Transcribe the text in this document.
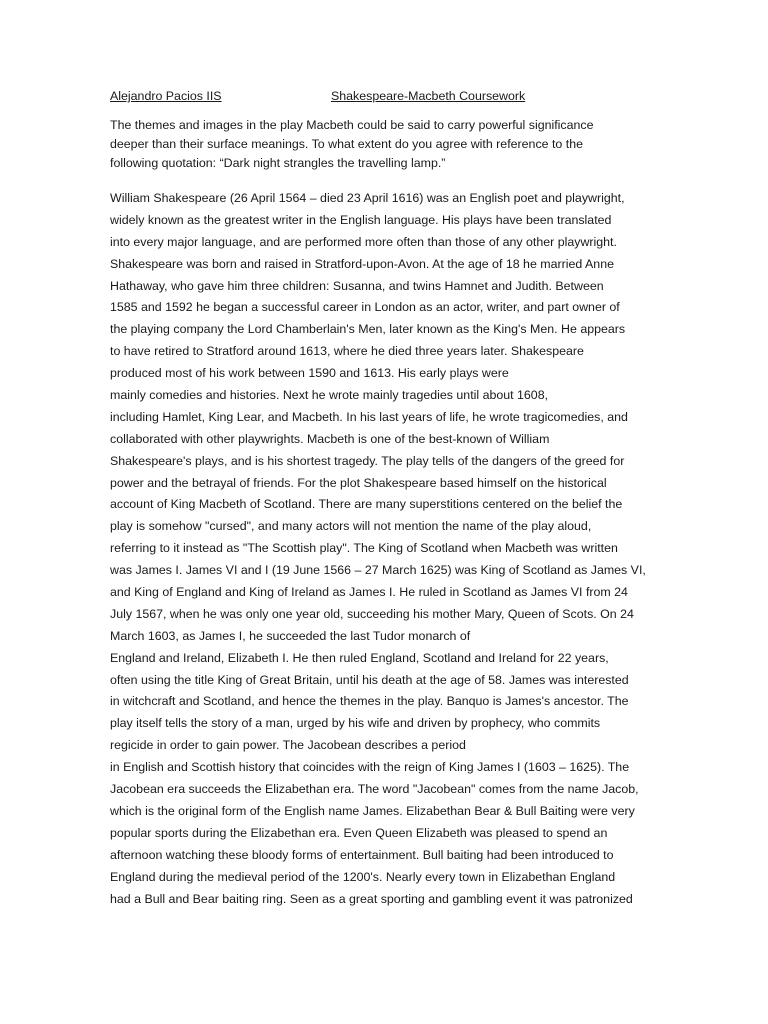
Alejandro Pacios IIS	Shakespeare-Macbeth Coursework
The themes and images in the play Macbeth could be said to carry powerful significance
deeper than their surface meanings. To what extent do you agree with reference to the
following quotation: “Dark night strangles the travelling lamp.”
William Shakespeare (26 April 1564 – died 23 April 1616) was an English poet and playwright,
widely known as the greatest writer in the English language. His plays have been translated
into every major language, and are performed more often than those of any other playwright.
Shakespeare was born and raised in Stratford-upon-Avon. At the age of 18 he married Anne
Hathaway, who gave him three children: Susanna, and twins Hamnet and Judith. Between
1585 and 1592 he began a successful career in London as an actor, writer, and part owner of
the playing company the Lord Chamberlain's Men, later known as the King's Men. He appears
to have retired to Stratford around 1613, where he died three years later. Shakespeare
produced most of his work between 1590 and 1613. His early plays were
mainly comedies and histories. Next he wrote mainly tragedies until about 1608,
including Hamlet, King Lear, and Macbeth. In his last years of life, he wrote tragicomedies, and
collaborated with other playwrights. Macbeth is one of the best-known of William
Shakespeare's plays, and is his shortest tragedy. The play tells of the dangers of the greed for
power and the betrayal of friends. For the plot Shakespeare based himself on the historical
account of King Macbeth of Scotland. There are many superstitions centered on the belief the
play is somehow "cursed", and many actors will not mention the name of the play aloud,
referring to it instead as "The Scottish play". The King of Scotland when Macbeth was written
was James I. James VI and I (19 June 1566 – 27 March 1625) was King of Scotland as James VI,
and King of England and King of Ireland as James I. He ruled in Scotland as James VI from 24
July 1567, when he was only one year old, succeeding his mother Mary, Queen of Scots. On 24
March 1603, as James I, he succeeded the last Tudor monarch of
England and Ireland, Elizabeth I. He then ruled England, Scotland and Ireland for 22 years,
often using the title King of Great Britain, until his death at the age of 58. James was interested
in witchcraft and Scotland, and hence the themes in the play. Banquo is James's ancestor. The
play itself tells the story of a man, urged by his wife and driven by prophecy, who commits
regicide in order to gain power. The Jacobean describes a period
in English and Scottish history that coincides with the reign of King James I (1603 – 1625). The
Jacobean era succeeds the Elizabethan era. The word "Jacobean" comes from the name Jacob,
which is the original form of the English name James. Elizabethan Bear & Bull Baiting were very
popular sports during the Elizabethan era. Even Queen Elizabeth was pleased to spend an
afternoon watching these bloody forms of entertainment. Bull baiting had been introduced to
England during the medieval period of the 1200's. Nearly every town in Elizabethan England
had a Bull and Bear baiting ring. Seen as a great sporting and gambling event it was patronized
